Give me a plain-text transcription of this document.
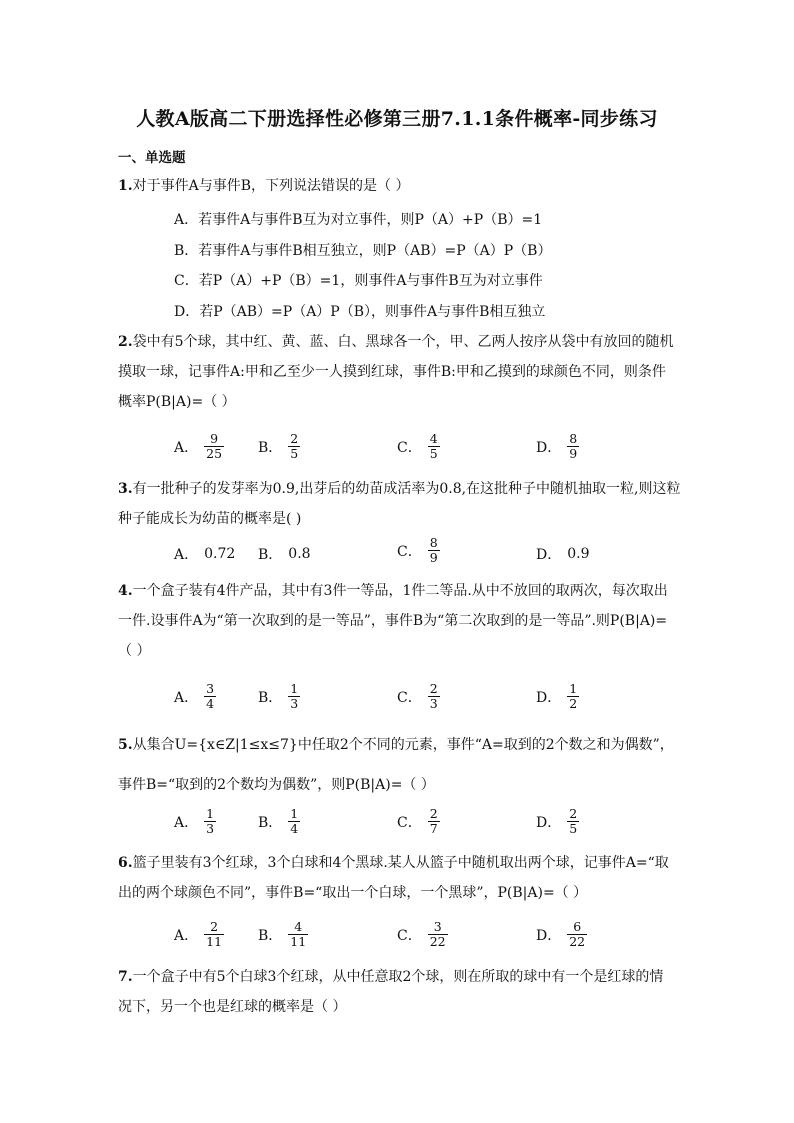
人教A版高二下册选择性必修第三册7.1.1条件概率-同步练习
一、单选题
1.对于事件A与事件B，下列说法错误的是（ ）
A．若事件A与事件B互为对立事件，则P（A）+P（B）=1
B．若事件A与事件B相互独立，则P（AB）=P（A）P（B）
C．若P（A）+P（B）=1，则事件A与事件B互为对立事件
D．若P（AB）=P（A）P（B），则事件A与事件B相互独立
2.袋中有5个球，其中红、黄、蓝、白、黑球各一个，甲、乙两人按序从袋中有放回的随机
摸取一球，记事件A:甲和乙至少一人摸到红球，事件B:甲和乙摸到的球颜色不同，则条件
概率P(B|A)=（ ）
A． $\frac{9}{25}$ B． $\frac{2}{5}$	C． $\frac{4}{5}$	D． $\frac{8}{9}$
3.有一批种子的发芽率为0.9,出芽后的幼苗成活率为0.8,在这批种子中随机抽取一粒,则这粒
种子能成长为幼苗的概率是( )
A． 0.72 B． 0.8	C． $\frac{8}{9}$	D． 0.9
4.一个盒子装有4件产品，其中有3件一等品，1件二等品.从中不放回的取两次，每次取出
一件.设事件A为“第一次取到的是一等品”，事件B为“第二次取到的是一等品”.则P(B|A)=
（ ）
A． $\frac{3}{4}$	B． $\frac{1}{3}$	C． $\frac{2}{3}$	D． $\frac{1}{2}$
5.从集合U={x∈Z|1≤x≤7}中任取2个不同的元素，事件“A=取到的2个数之和为偶数”，
事件B=“取到的2个数均为偶数”，则P(B|A)=（ ）
A． $\frac{1}{3}$	B． $\frac{1}{4}$	C． $\frac{2}{7}$	D． $\frac{2}{5}$
6.篮子里装有3个红球，3个白球和4个黑球.某人从篮子中随机取出两个球，记事件A=“取
出的两个球颜色不同”，事件B=“取出一个白球，一个黑球”，P(B|A)=（ ）
A． $\frac{2}{11}$ B． $\frac{4}{11}$	C． $\frac{3}{22}$	D． $\frac{6}{22}$
7.一个盒子中有5个白球3个红球，从中任意取2个球，则在所取的球中有一个是红球的情
况下，另一个也是红球的概率是（ ）
